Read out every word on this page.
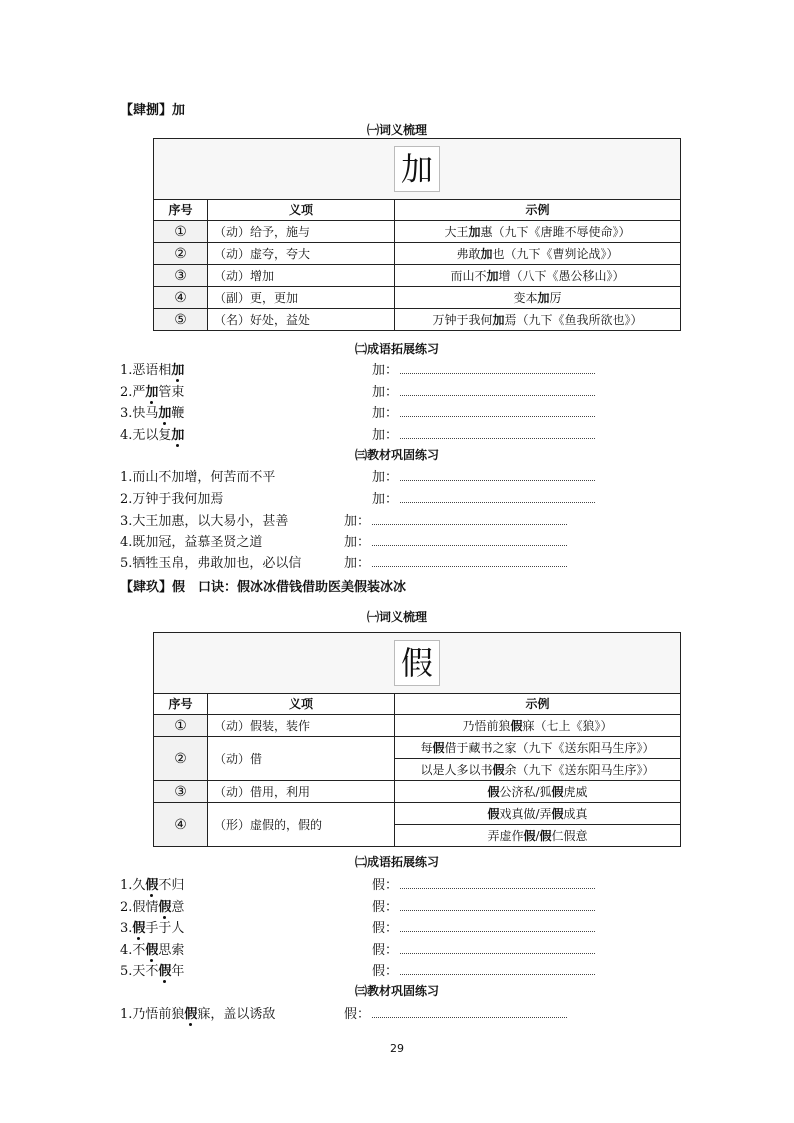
【肆捌】加
㈠词义梳理
加		
序号	义项	示例
①	（动）给予，施与	大王加惠（九下《唐雎不辱使命》）
②	（动）虚夸，夸大	弗敢加也（九下《曹刿论战》）
③	（动）增加	而山不加增（八下《愚公移山》）
④	（副）更，更加	变本加厉
⑤	（名）好处，益处	万钟于我何加焉（九下《鱼我所欲也》）
㈡成语拓展练习
1.恶语相加	加：
2.严加管束	加：
3.快马加鞭	加：
4.无以复加	加：
㈢教材巩固练习
1.而山不加增，何苦而不平	加：
2.万钟于我何加焉	加：
3.大王加惠，以大易小，甚善	加：
4.既加冠，益慕圣贤之道	加：
5.牺牲玉帛，弗敢加也，必以信	加：
【肆玖】假　口诀：假冰冰借钱借助医美假装冰冰
㈠词义梳理
假		
序号	义项	示例
①	（动）假装，装作	乃悟前狼假寐（七上《狼》）
②	（动）借	每假借于藏书之家（九下《送东阳马生序》）
		以是人多以书假余（九下《送东阳马生序》）
③	（动）借用，利用	假公济私/狐假虎威
④	（形）虚假的，假的	假戏真做/弄假成真
		弄虚作假/假仁假意
㈡成语拓展练习
1.久假不归	假：
2.假情假意	假：
3.假手于人	假：
4.不假思索	假：
5.天不假年	假：
㈢教材巩固练习
1.乃悟前狼假寐，盖以诱敌	假：
29
